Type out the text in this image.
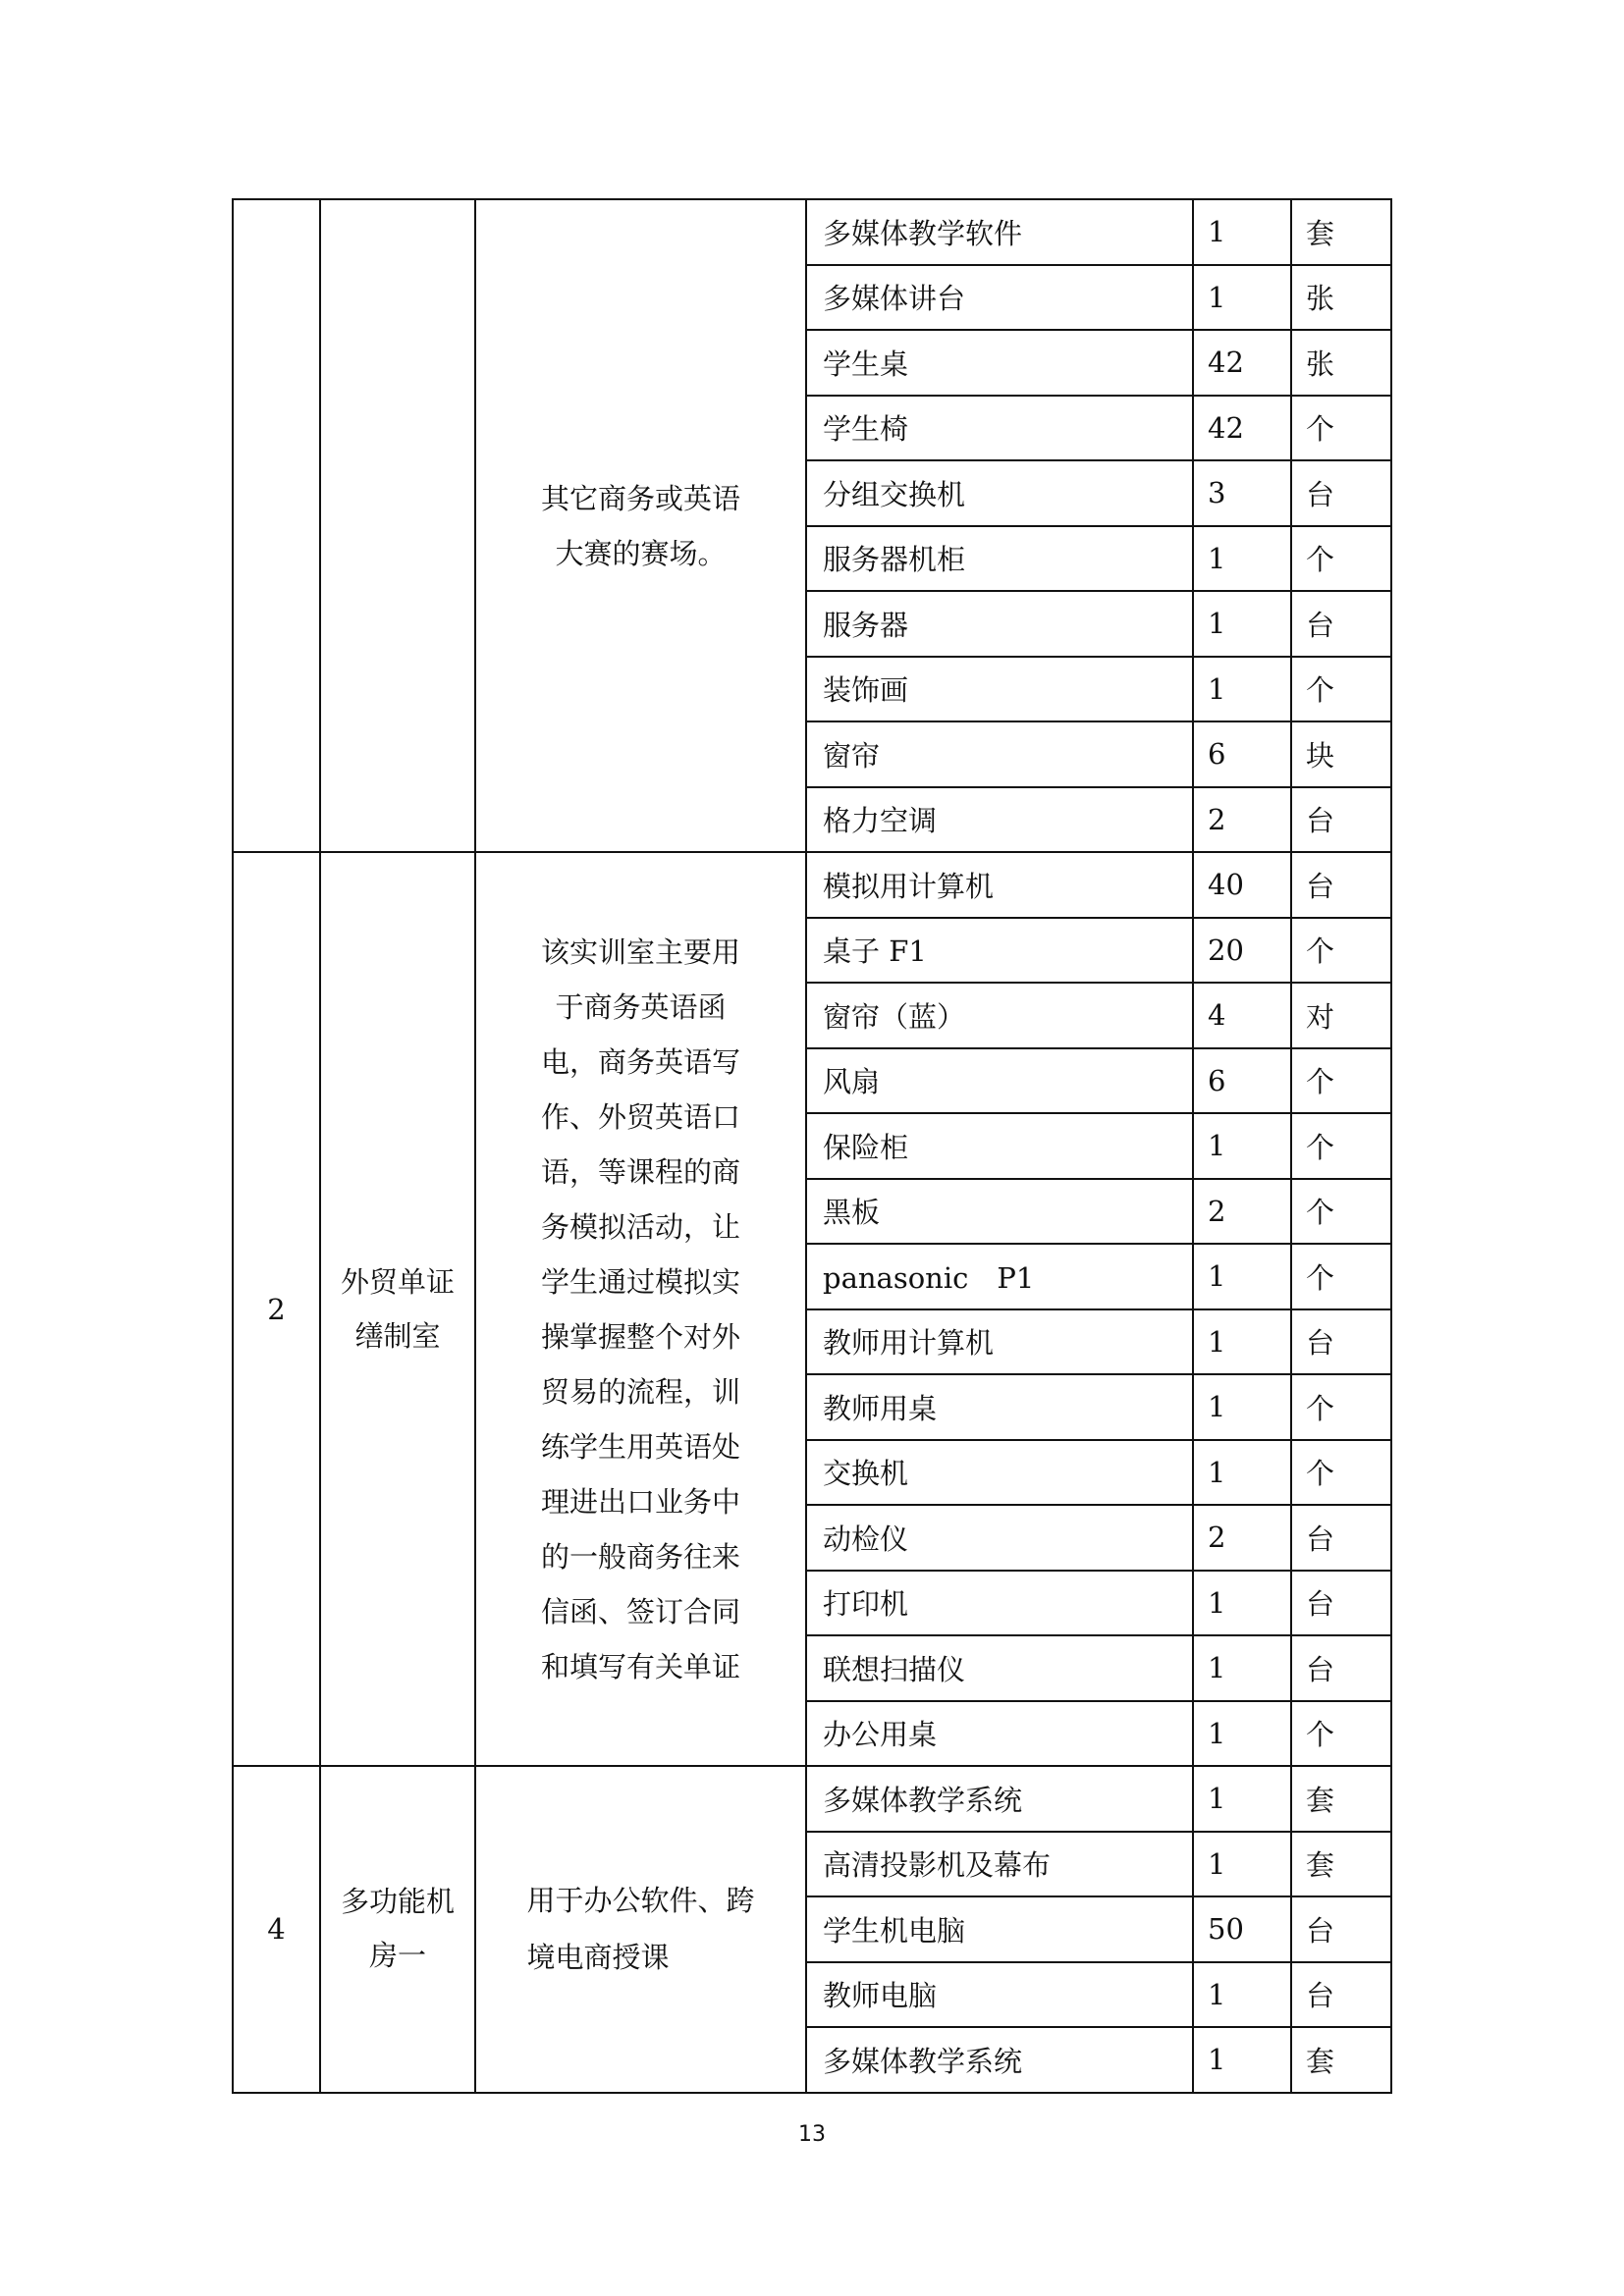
		其它商务或英语大赛的赛场。	多媒体教学软件	1	套
			多媒体讲台	1	张
			学生桌	42	张
			学生椅	42	个
			分组交换机	3	台
			服务器机柜	1	个
			服务器	1	台
			装饰画	1	个
			窗帘	6	块
			格力空调	2	台
2	外贸单证缮制室	该实训室主要用于商务英语函电，商务英语写作、外贸英语口语，等课程的商务模拟活动，让学生通过模拟实操掌握整个对外贸易的流程，训练学生用英语处理进出口业务中的一般商务往来信函、签订合同和填写有关单证	模拟用计算机	40	台
			桌子 F1	20	个
			窗帘（蓝）	4	对
			风扇	6	个
			保险柜	1	个
			黑板	2	个
			panasonic　P1	1	个
			教师用计算机	1	台
			教师用桌	1	个
			交换机	1	个
			动检仪	2	台
			打印机	1	台
			联想扫描仪	1	台
			办公用桌	1	个
4	多功能机房一	用于办公软件、跨境电商授课	多媒体教学系统	1	套
			高清投影机及幕布	1	套
			学生机电脑	50	台
			教师电脑	1	台
			多媒体教学系统	1	套
13
